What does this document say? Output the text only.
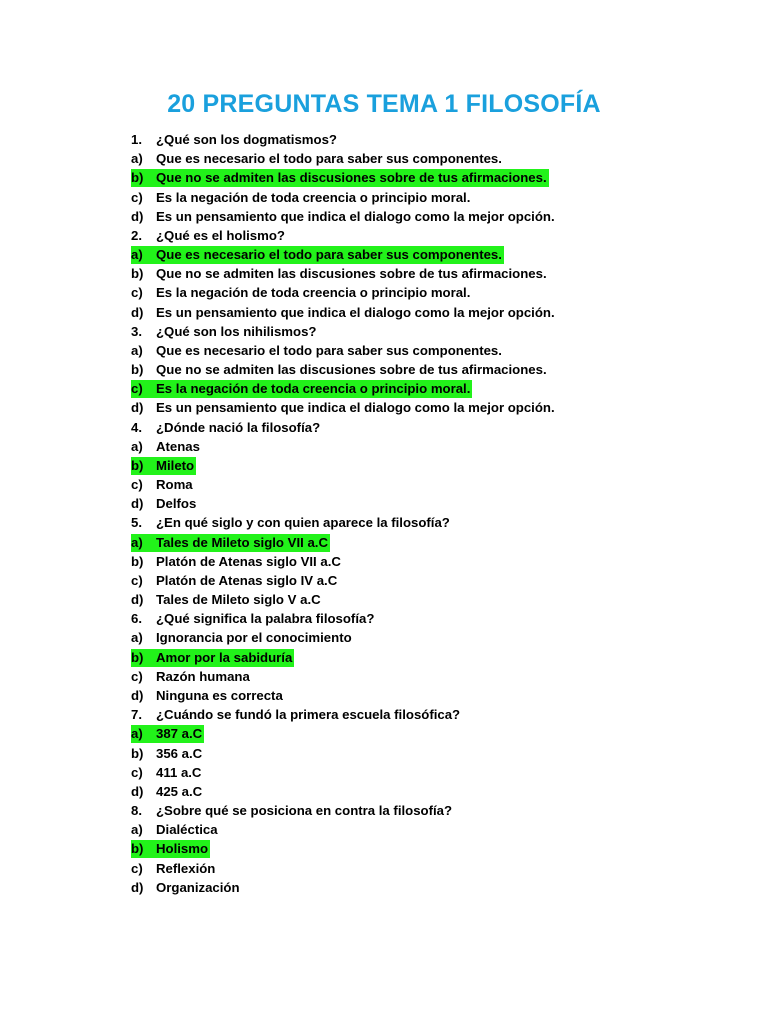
20 PREGUNTAS TEMA 1 FILOSOFÍA
1. ¿Qué son los dogmatismos?
a) Que es necesario el todo para saber sus componentes.
b) Que no se admiten las discusiones sobre de tus afirmaciones.
c) Es la negación de toda creencia o principio moral.
d) Es un pensamiento que indica el dialogo como la mejor opción.
2. ¿Qué es el holismo?
a) Que es necesario el todo para saber sus componentes.
b) Que no se admiten las discusiones sobre de tus afirmaciones.
c) Es la negación de toda creencia o principio moral.
d) Es un pensamiento que indica el dialogo como la mejor opción.
3. ¿Qué son los nihilismos?
a) Que es necesario el todo para saber sus componentes.
b) Que no se admiten las discusiones sobre de tus afirmaciones.
c) Es la negación de toda creencia o principio moral.
d) Es un pensamiento que indica el dialogo como la mejor opción.
4. ¿Dónde nació la filosofía?
a) Atenas
b) Mileto
c) Roma
d) Delfos
5. ¿En qué siglo y con quien aparece la filosofía?
a) Tales de Mileto siglo VII a.C
b) Platón de Atenas siglo VII a.C
c) Platón de Atenas siglo IV a.C
d) Tales de Mileto siglo V a.C
6. ¿Qué significa la palabra filosofía?
a) Ignorancia por el conocimiento
b) Amor por la sabiduría
c) Razón humana
d) Ninguna es correcta
7. ¿Cuándo se fundó la primera escuela filosófica?
a) 387 a.C
b) 356 a.C
c) 411 a.C
d) 425 a.C
8. ¿Sobre qué se posiciona en contra la filosofía?
a) Dialéctica
b) Holismo
c) Reflexión
d) Organización
